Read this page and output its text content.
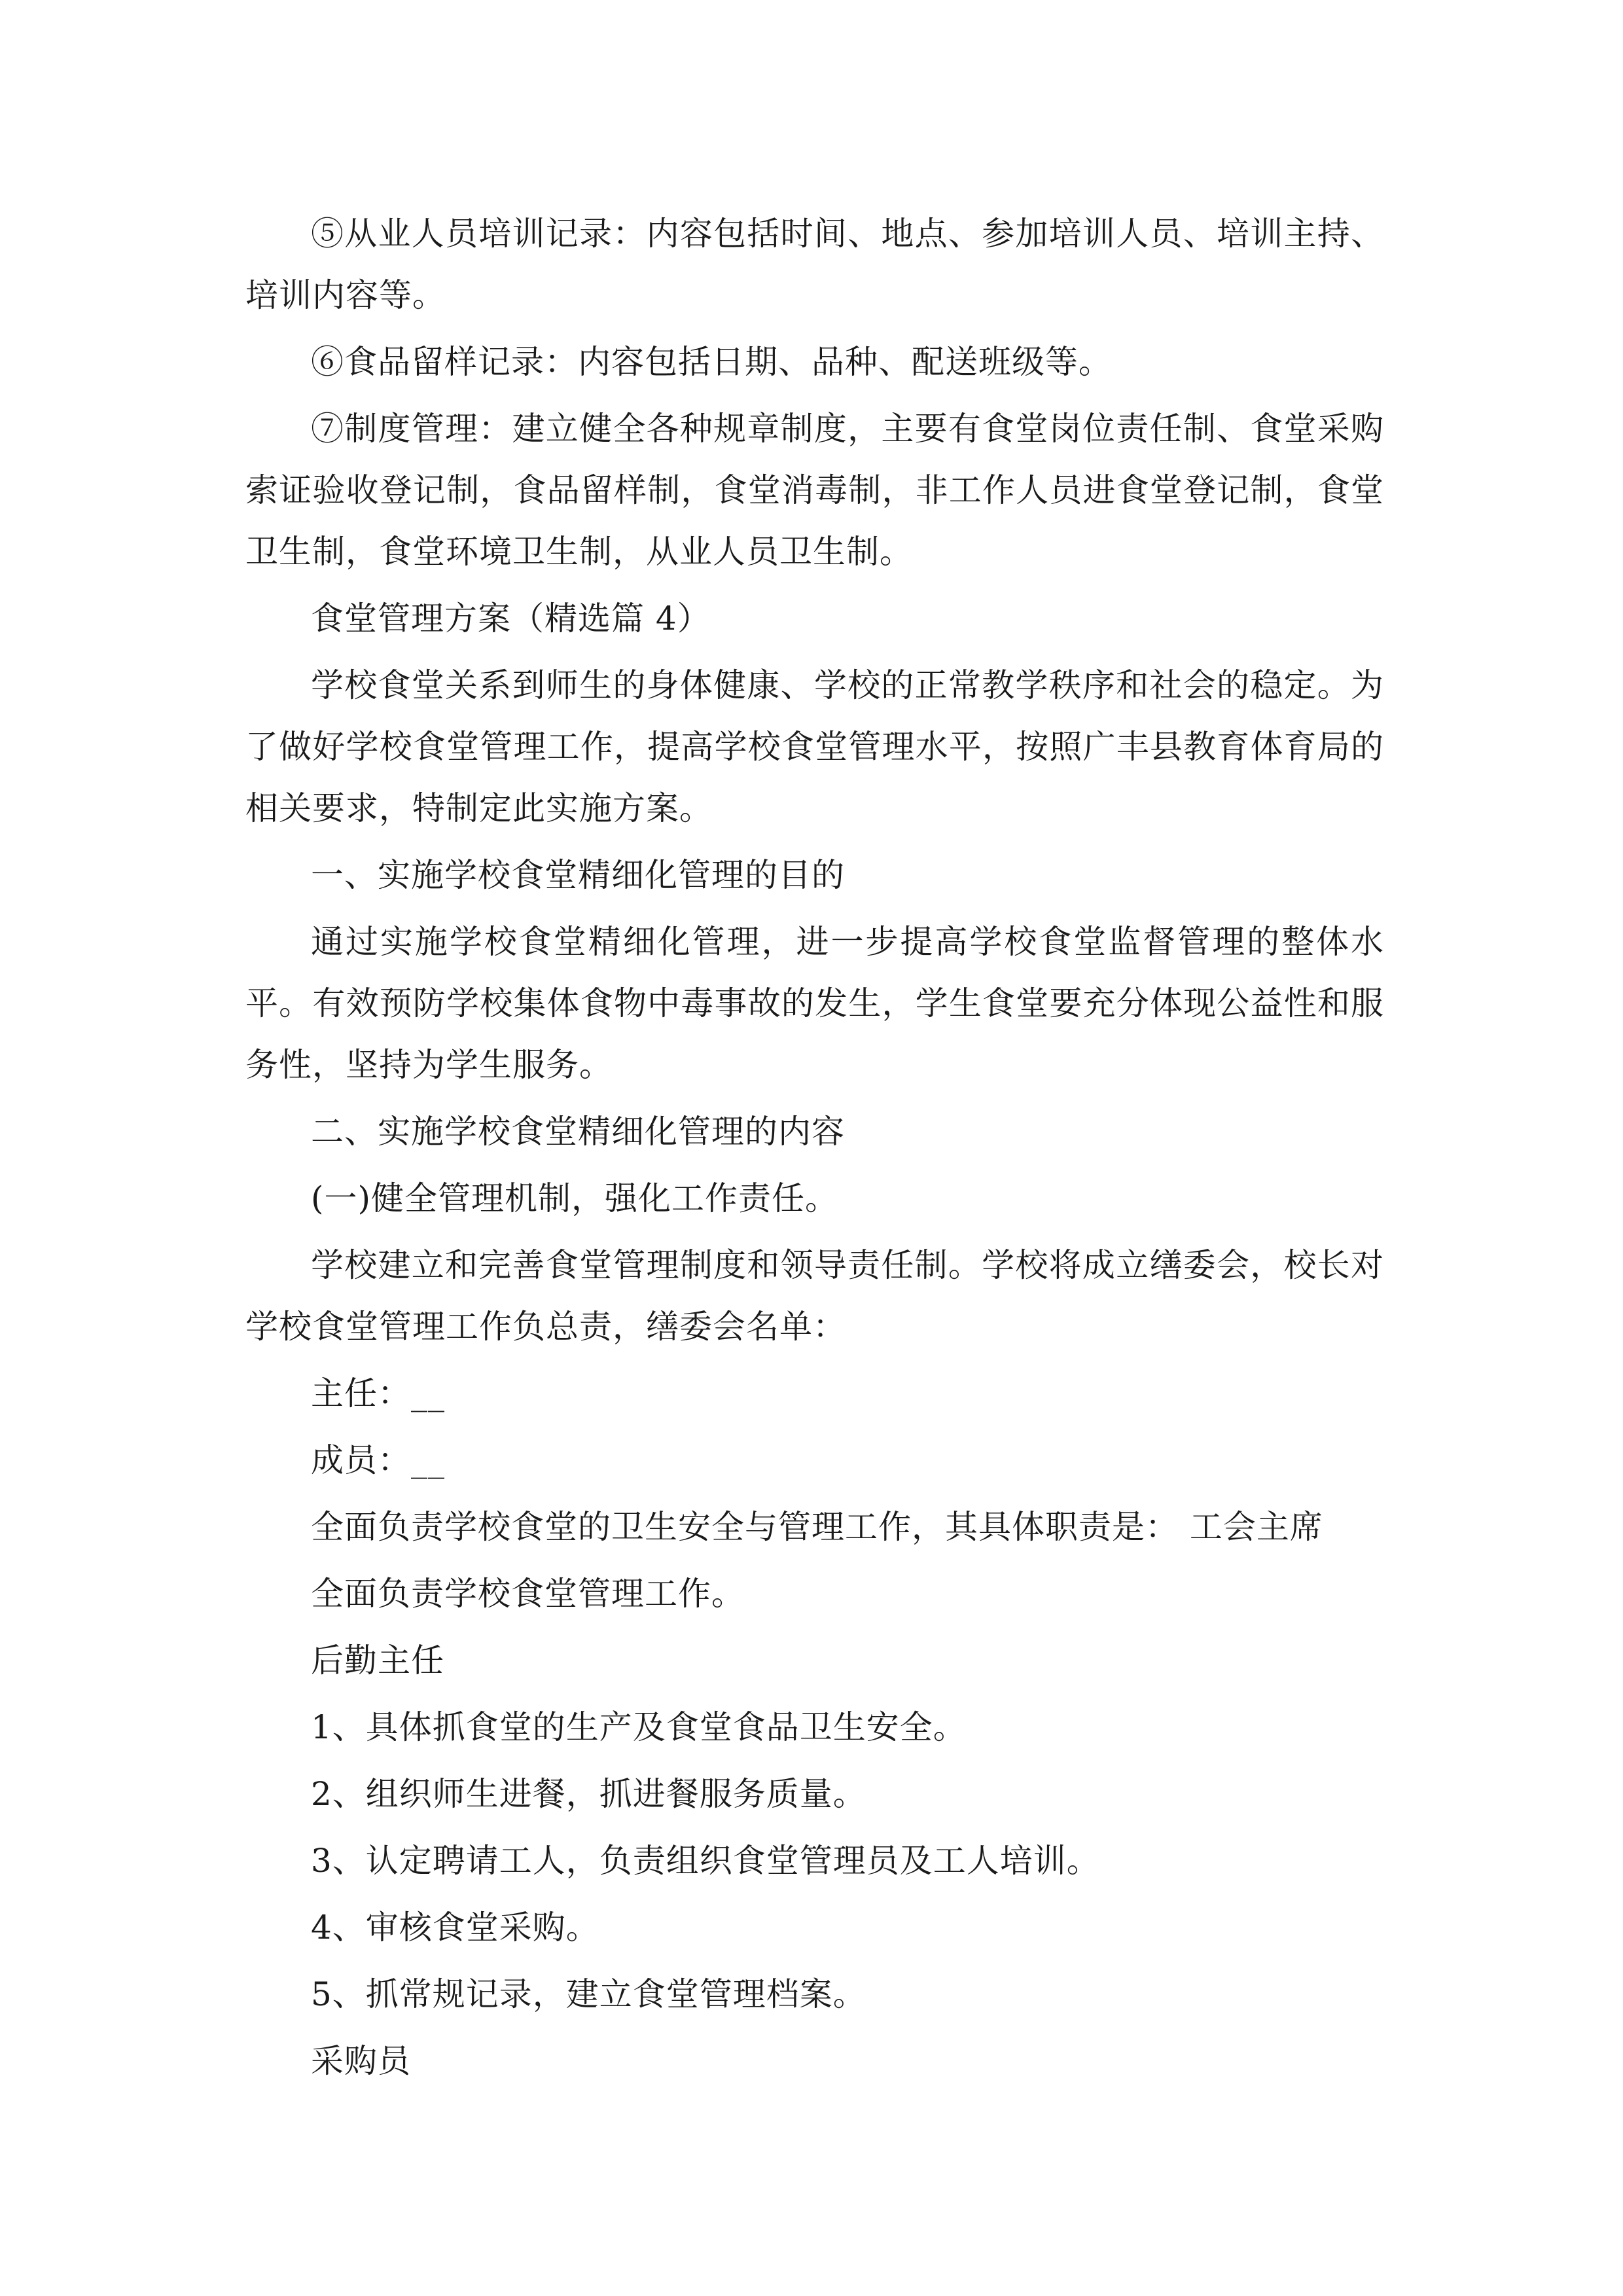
⑤从业人员培训记录：内容包括时间、地点、参加培训人员、培训主持、培训内容等。

⑥食品留样记录：内容包括日期、品种、配送班级等。

⑦制度管理：建立健全各种规章制度，主要有食堂岗位责任制、食堂采购索证验收登记制，食品留样制，食堂消毒制，非工作人员进食堂登记制，食堂卫生制，食堂环境卫生制，从业人员卫生制。

食堂管理方案（精选篇 4）

学校食堂关系到师生的身体健康、学校的正常教学秩序和社会的稳定。为了做好学校食堂管理工作，提高学校食堂管理水平，按照广丰县教育体育局的相关要求，特制定此实施方案。

一、实施学校食堂精细化管理的目的

通过实施学校食堂精细化管理，进一步提高学校食堂监督管理的整体水平。有效预防学校集体食物中毒事故的发生，学生食堂要充分体现公益性和服务性，坚持为学生服务。

二、实施学校食堂精细化管理的内容

(一)健全管理机制，强化工作责任。

学校建立和完善食堂管理制度和领导责任制。学校将成立缮委会，校长对学校食堂管理工作负总责，缮委会名单：

主任：__

成员：__

全面负责学校食堂的卫生安全与管理工作，其具体职责是： 工会主席

全面负责学校食堂管理工作。

后勤主任

1、具体抓食堂的生产及食堂食品卫生安全。

2、组织师生进餐，抓进餐服务质量。

3、认定聘请工人，负责组织食堂管理员及工人培训。

4、审核食堂采购。

5、抓常规记录，建立食堂管理档案。

采购员
